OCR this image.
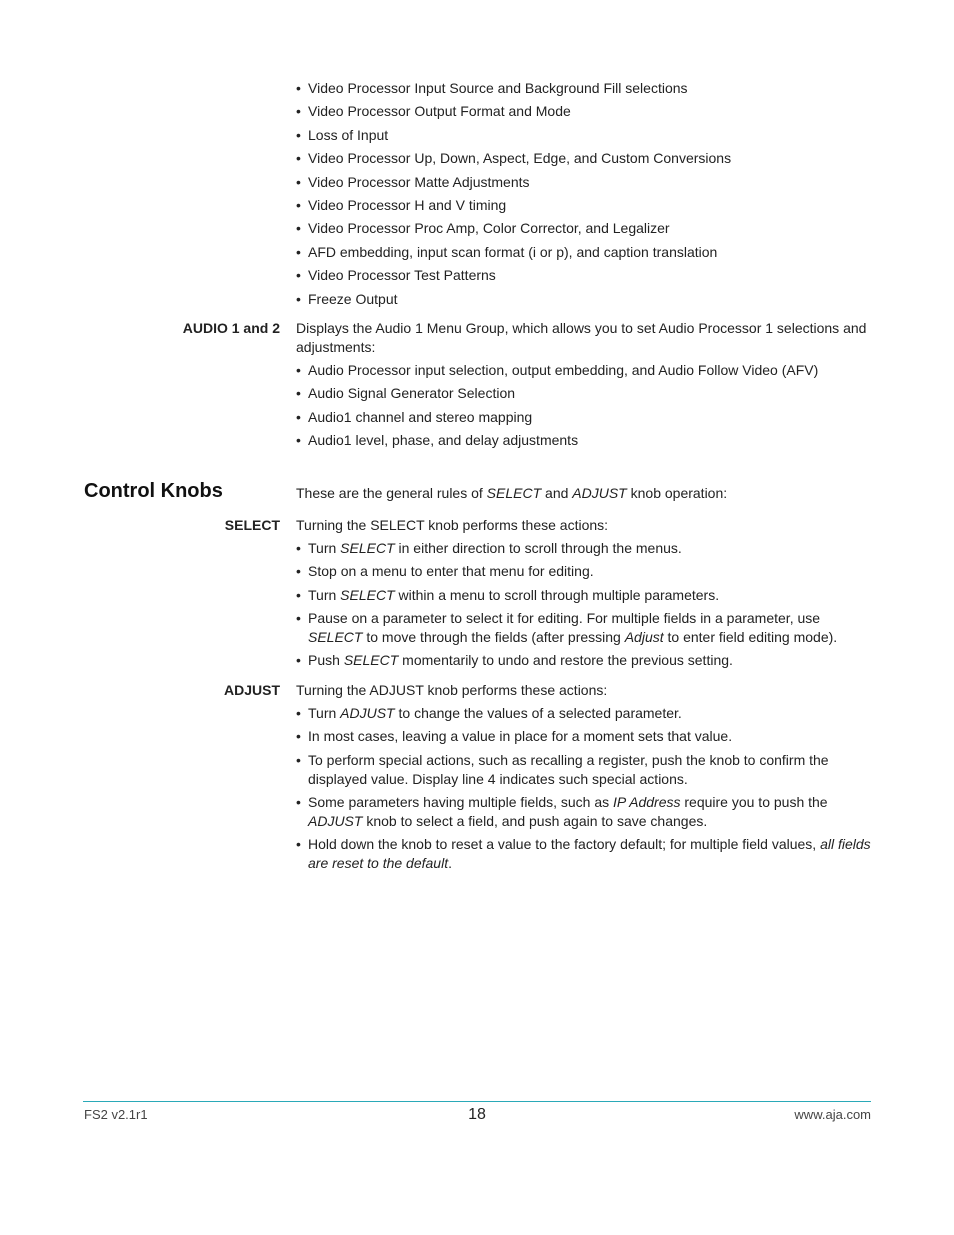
• Video Processor Input Source and Background Fill selections
• Video Processor Output Format and Mode
• Loss of Input
• Video Processor Up, Down, Aspect, Edge, and Custom Conversions
• Video Processor Matte Adjustments
• Video Processor H and V timing
• Video Processor Proc Amp, Color Corrector, and Legalizer
• AFD embedding, input scan format (i or p), and caption translation
• Video Processor Test Patterns
• Freeze Output
AUDIO 1 and 2 Displays the Audio 1 Menu Group, which allows you to set Audio Processor 1 selections and adjustments:
• Audio Processor input selection, output embedding, and Audio Follow Video (AFV)
• Audio Signal Generator Selection
• Audio1 channel and stereo mapping
• Audio1 level, phase, and delay adjustments
Control Knobs	These are the general rules of SELECT and ADJUST knob operation:
SELECT Turning the SELECT knob performs these actions:
• Turn SELECT in either direction to scroll through the menus.
• Stop on a menu to enter that menu for editing.
• Turn SELECT within a menu to scroll through multiple parameters.
• Pause on a parameter to select it for editing. For multiple fields in a parameter, use SELECT to move through the fields (after pressing Adjust to enter field editing mode).
• Push SELECT momentarily to undo and restore the previous setting.
ADJUST Turning the ADJUST knob performs these actions:
• Turn ADJUST to change the values of a selected parameter.
• In most cases, leaving a value in place for a moment sets that value.
• To perform special actions, such as recalling a register, push the knob to confirm the displayed value. Display line 4 indicates such special actions.
• Some parameters having multiple fields, such as IP Address require you to push the ADJUST knob to select a field, and push again to save changes.
• Hold down the knob to reset a value to the factory default; for multiple field values, all fields are reset to the default.
FS2 v2.1r1	18	www.aja.com
